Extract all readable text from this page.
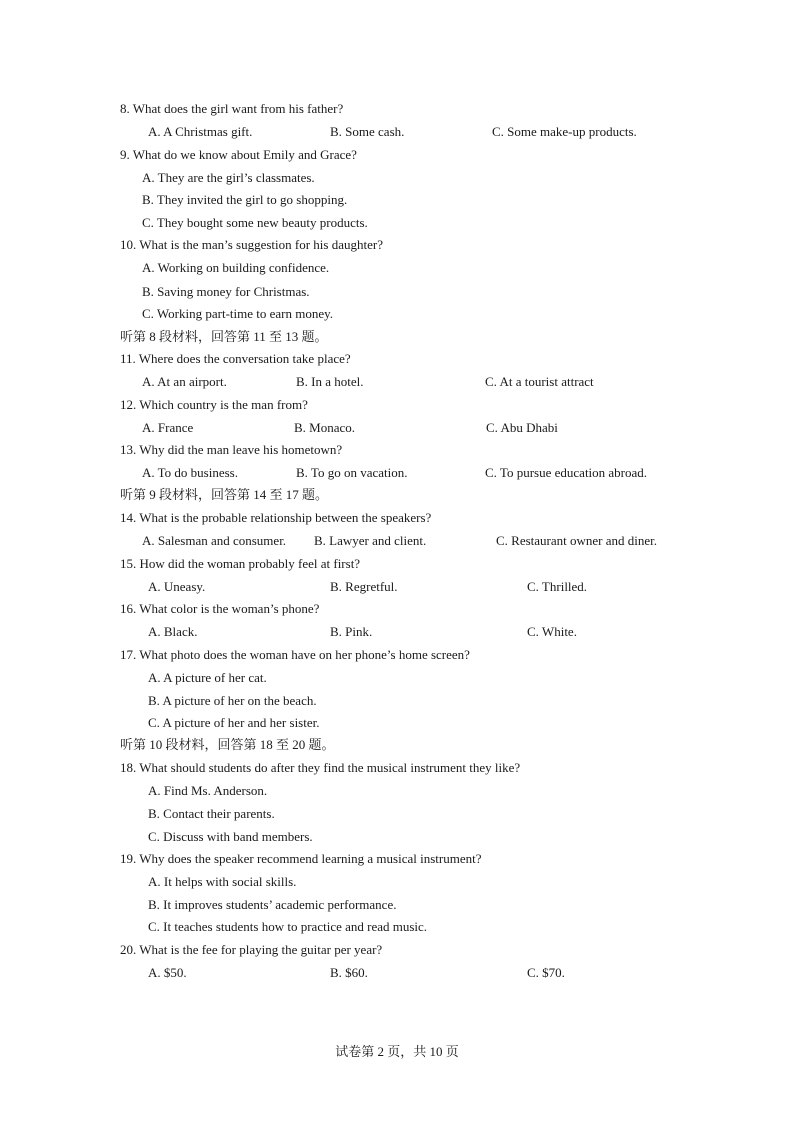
8. What does the girl want from his father?
A. A Christmas gift.	B. Some cash.	C. Some make-up products.
9. What do we know about Emily and Grace?
A. They are the girl’s classmates.
B. They invited the girl to go shopping.
C. They bought some new beauty products.
10. What is the man’s suggestion for his daughter?
A. Working on building confidence.
B. Saving money for Christmas.
C. Working part-time to earn money.
听第 8 段材料，回答第 11 至 13 题。
11. Where does the conversation take place?
A. At an airport.	B. In a hotel.	C. At a tourist attract
12. Which country is the man from?
A. France	B. Monaco.	C. Abu Dhabi
13. Why did the man leave his hometown?
A. To do business.	B. To go on vacation.	C. To pursue education abroad.
听第 9 段材料，回答第 14 至 17 题。
14. What is the probable relationship between the speakers?
A. Salesman and consumer. B. Lawyer and client.	C. Restaurant owner and diner.
15. How did the woman probably feel at first?
A. Uneasy.	B. Regretful.	C. Thrilled.
16. What color is the woman’s phone?
A. Black.	B. Pink.	C. White.
17. What photo does the woman have on her phone’s home screen?
A. A picture of her cat.
B. A picture of her on the beach.
C. A picture of her and her sister.
听第 10 段材料，回答第 18 至 20 题。
18. What should students do after they find the musical instrument they like?
A. Find Ms. Anderson.
B. Contact their parents.
C. Discuss with band members.
19. Why does the speaker recommend learning a musical instrument?
A. It helps with social skills.
B. It improves students’ academic performance.
C. It teaches students how to practice and read music.
20. What is the fee for playing the guitar per year?
A. $50.	B. $60.	C. $70.
试卷第 2 页，共 10 页
